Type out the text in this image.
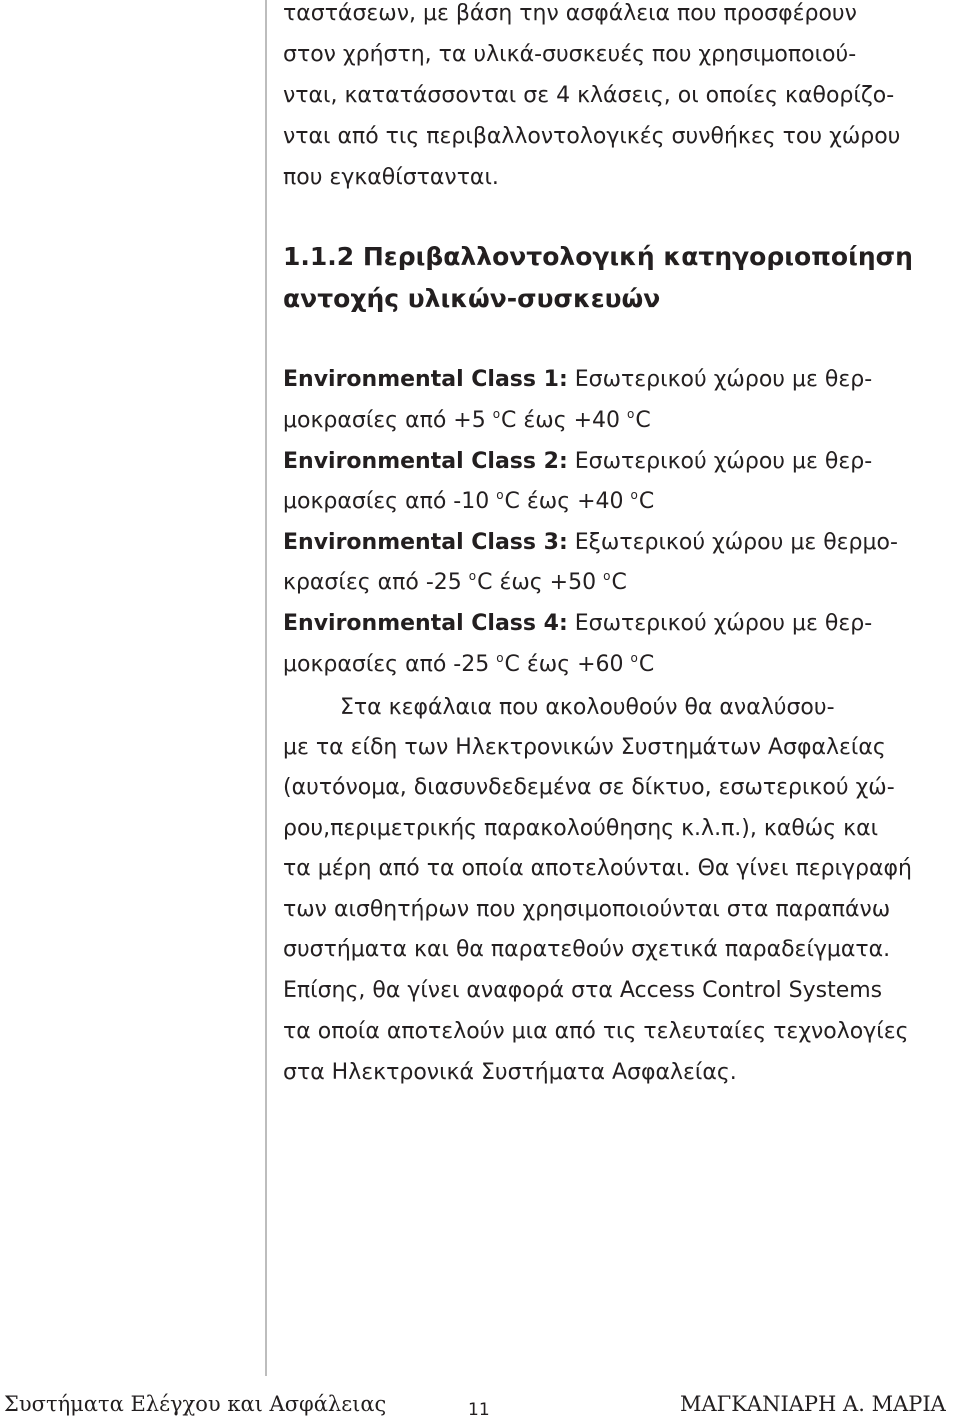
ταστάσεων, με βάση την ασφάλεια που προσφέρουν
στον χρήστη, τα υλικά-συσκευές που χρησιμοποιού-
νται, κατατάσσονται σε 4 κλάσεις, οι οποίες καθορίζο-
νται από τις περιβαλλοντολογικές συνθήκες του χώρου
που εγκαθίστανται.
1.1.2 Περιβαλλοντολογική κατηγοριοποίηση
αντοχής υλικών-συσκευών
Environmental Class 1: Εσωτερικού χώρου με θερ-
μοκρασίες από +5 $^o$C έως +40 $^o$C
Environmental Class 2: Εσωτερικού χώρου με θερ-
μοκρασίες από -10 $^o$C έως +40 $^o$C
Environmental Class 3: Εξωτερικού χώρου με θερμο-
κρασίες από -25 $^o$C έως +50 $^o$C
Environmental Class 4: Εσωτερικού χώρου με θερ-
μοκρασίες από -25 $^o$C έως +60 $^o$C
Στα κεφάλαια που ακολουθούν θα αναλύσου-
με τα είδη των Ηλεκτρονικών Συστημάτων Ασφαλείας
(αυτόνομα, διασυνδεδεμένα σε δίκτυο, εσωτερικού χώ-
ρου,περιμετρικής παρακολούθησης κ.λ.π.), καθώς και
τα μέρη από τα οποία αποτελούνται. Θα γίνει περιγραφή
των αισθητήρων που χρησιμοποιούνται στα παραπάνω
συστήματα και θα παρατεθούν σχετικά παραδείγματα.
Επίσης, θα γίνει αναφορά στα Access Control Systems
τα οποία αποτελούν μια από τις τελευταίες τεχνολογίες
στα Ηλεκτρονικά Συστήματα Ασφαλείας.
Συστήματα Ελέγχου και Ασφάλειας	11	ΜΑΓΚΑΝΙΑΡΗ Α. ΜΑΡΙΑ
